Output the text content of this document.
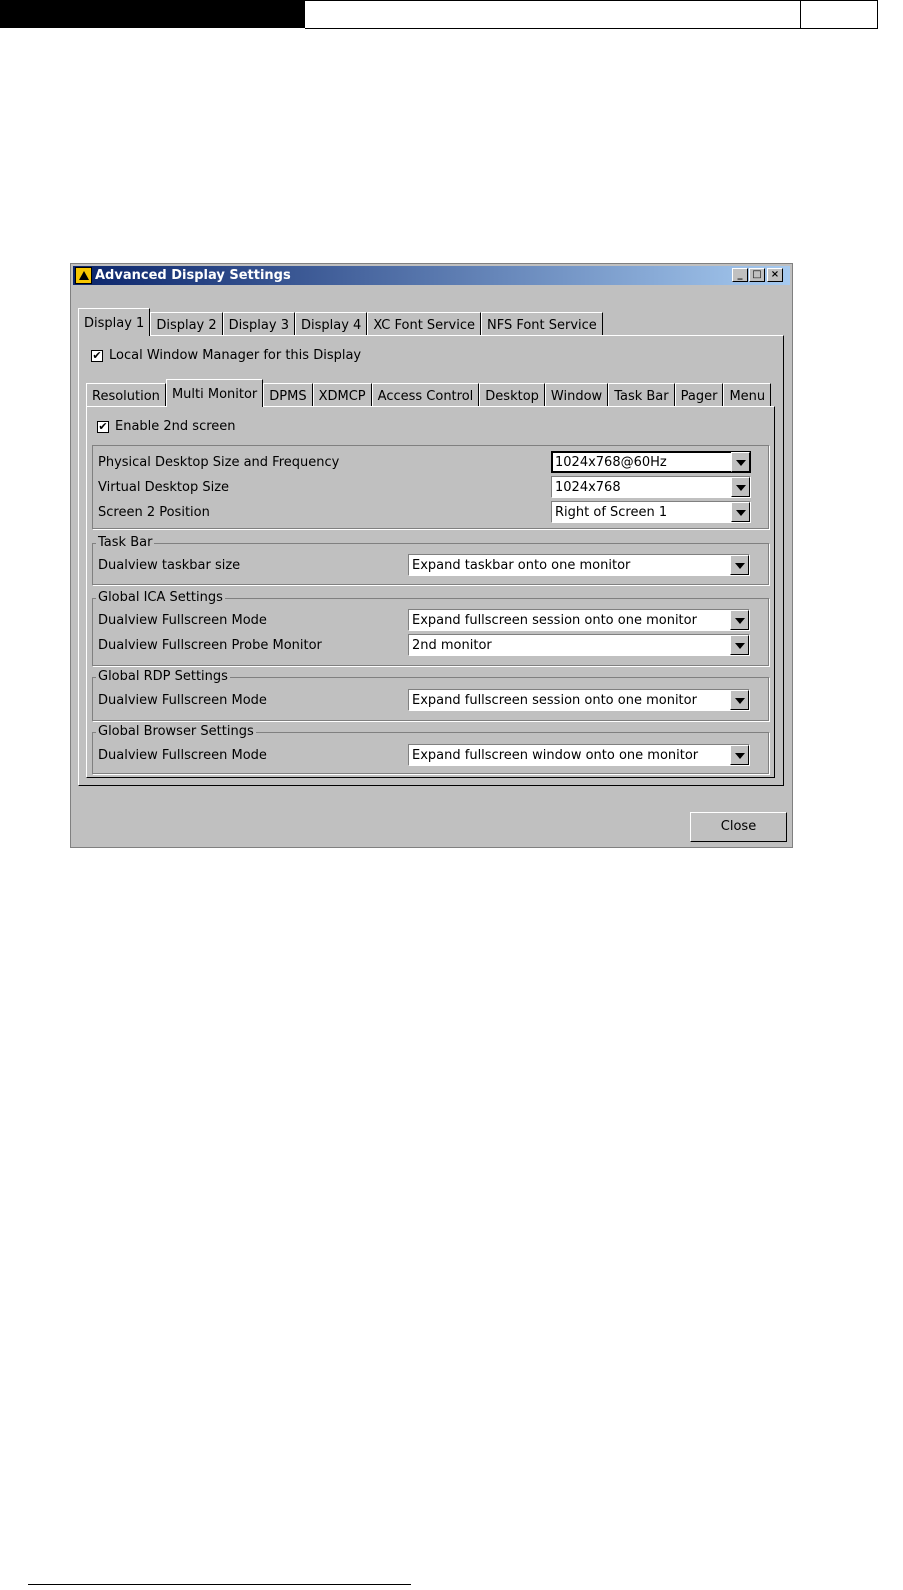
Advanced Display Settings	_ □ ×
Display 1 Display 2 Display 3 Display 4 XC Font Service NFS Font Service
✔ Local Window Manager for this Display
Resolution Multi Monitor DPMS XDMCP Access Control Desktop Window Task Bar Pager Menu
✔ Enable 2nd screen
Physical Desktop Size and Frequency	1024x768@60Hz
Virtual Desktop Size	1024x768
Screen 2 Position	Right of Screen 1
Task Bar
Dualview taskbar size	Expand taskbar onto one monitor
Global ICA Settings
Dualview Fullscreen Mode	Expand fullscreen session onto one monitor
Dualview Fullscreen Probe Monitor	2nd monitor
Global RDP Settings
Dualview Fullscreen Mode	Expand fullscreen session onto one monitor
Global Browser Settings
Dualview Fullscreen Mode	Expand fullscreen window onto one monitor
Close
